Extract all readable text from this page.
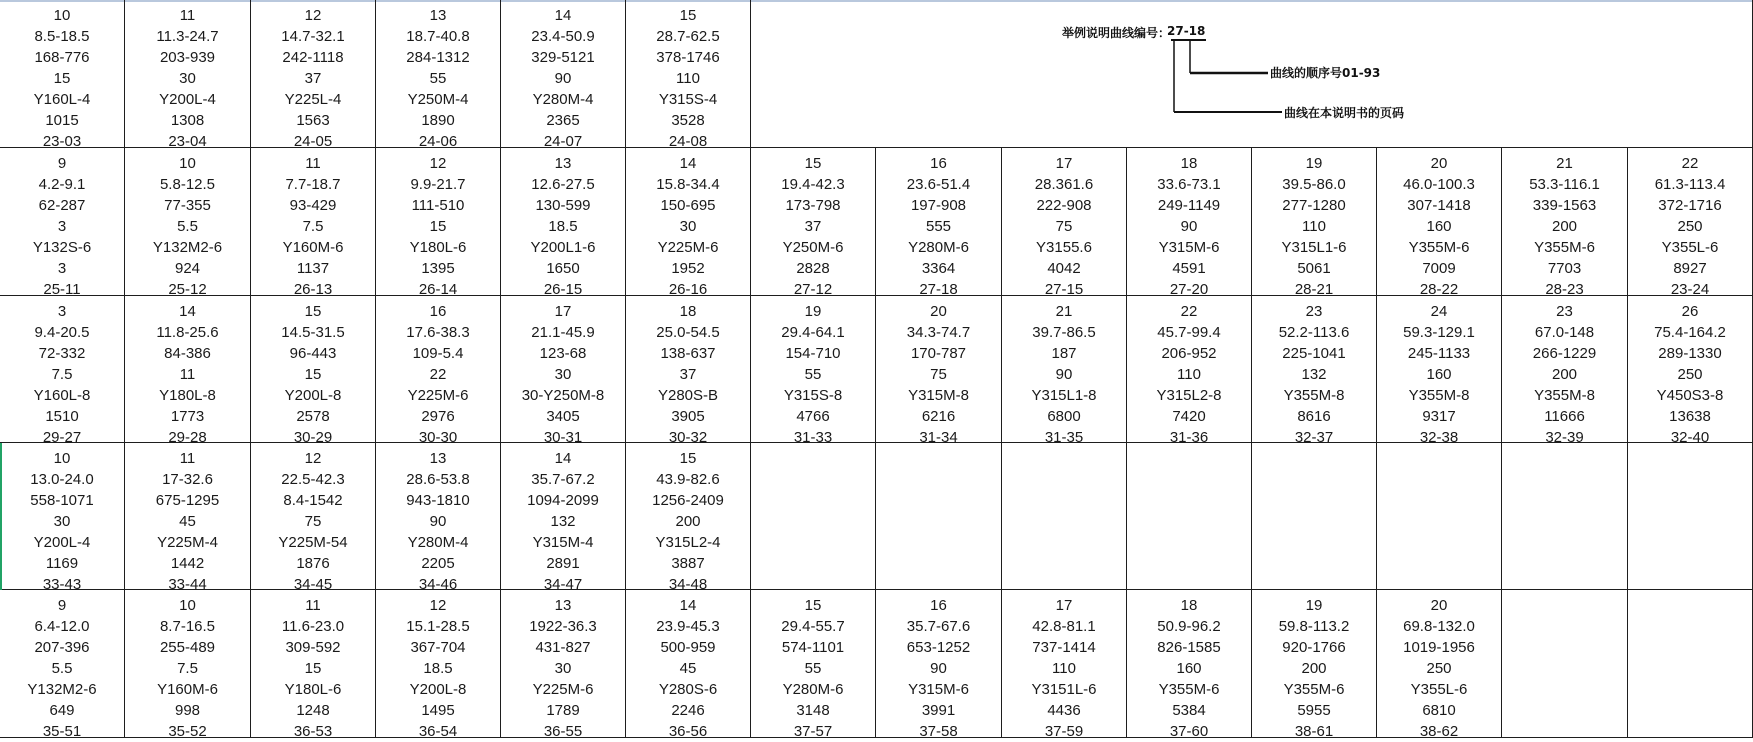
10
8.5-18.5
168-776
15
Y160L-4
1015
23-03
11
11.3-24.7
203-939
30
Y200L-4
1308
23-04
12
14.7-32.1
242-1118
37
Y225L-4
1563
24-05
13
18.7-40.8
284-1312
55
Y250M-4
1890
24-06
14
23.4-50.9
329-5121
90
Y280M-4
2365
24-07
15
28.7-62.5
378-1746
110
Y315S-4
3528
24-08
9
4.2-9.1
62-287
3
Y132S-6
3
25-11
10
5.8-12.5
77-355
5.5
Y132M2-6
924
25-12
11
7.7-18.7
93-429
7.5
Y160M-6
1137
26-13
12
9.9-21.7
111-510
15
Y180L-6
1395
26-14
13
12.6-27.5
130-599
18.5
Y200L1-6
1650
26-15
14
15.8-34.4
150-695
30
Y225M-6
1952
26-16
15
19.4-42.3
173-798
37
Y250M-6
2828
27-12
16
23.6-51.4
197-908
555
Y280M-6
3364
27-18
17
28.361.6
222-908
75
Y3155.6
4042
27-15
18
33.6-73.1
249-1149
90
Y315M-6
4591
27-20
19
39.5-86.0
277-1280
110
Y315L1-6
5061
28-21
20
46.0-100.3
307-1418
160
Y355M-6
7009
28-22
21
53.3-116.1
339-1563
200
Y355M-6
7703
28-23
22
61.3-113.4
372-1716
250
Y355L-6
8927
23-24
3
9.4-20.5
72-332
7.5
Y160L-8
1510
29-27
14
11.8-25.6
84-386
11
Y180L-8
1773
29-28
15
14.5-31.5
96-443
15
Y200L-8
2578
30-29
16
17.6-38.3
109-5.4
22
Y225M-6
2976
30-30
17
21.1-45.9
123-68
30
30-Y250M-8
3405
30-31
18
25.0-54.5
138-637
37
Y280S-B
3905
30-32
19
29.4-64.1
154-710
55
Y315S-8
4766
31-33
20
34.3-74.7
170-787
75
Y315M-8
6216
31-34
21
39.7-86.5
187
90
Y315L1-8
6800
31-35
22
45.7-99.4
206-952
110
Y315L2-8
7420
31-36
23
52.2-113.6
225-1041
132
Y355M-8
8616
32-37
24
59.3-129.1
245-1133
160
Y355M-8
9317
32-38
23
67.0-148
266-1229
200
Y355M-8
11666
32-39
26
75.4-164.2
289-1330
250
Y450S3-8
13638
32-40
10
13.0-24.0
558-1071
30
Y200L-4
1169
33-43
11
17-32.6
675-1295
45
Y225M-4
1442
33-44
12
22.5-42.3
8.4-1542
75
Y225M-54
1876
34-45
13
28.6-53.8
943-1810
90
Y280M-4
2205
34-46
14
35.7-67.2
1094-2099
132
Y315M-4
2891
34-47
15
43.9-82.6
1256-2409
200
Y315L2-4
3887
34-48
9
6.4-12.0
207-396
5.5
Y132M2-6
649
35-51
10
8.7-16.5
255-489
7.5
Y160M-6
998
35-52
11
11.6-23.0
309-592
15
Y180L-6
1248
36-53
12
15.1-28.5
367-704
18.5
Y200L-8
1495
36-54
13
1922-36.3
431-827
30
Y225M-6
1789
36-55
14
23.9-45.3
500-959
45
Y280S-6
2246
36-56
15
29.4-55.7
574-1101
55
Y280M-6
3148
37-57
16
35.7-67.6
653-1252
90
Y315M-6
3991
37-58
17
42.8-81.1
737-1414
110
Y3151L-6
4436
37-59
18
50.9-96.2
826-1585
160
Y355M-6
5384
37-60
19
59.8-113.2
920-1766
200
Y355M-6
5955
38-61
20
69.8-132.0
1019-1956
250
Y355L-6
6810
38-62
举例说明曲线编号：
27-18
曲线的顺序号01-93
曲线在本说明书的页码
